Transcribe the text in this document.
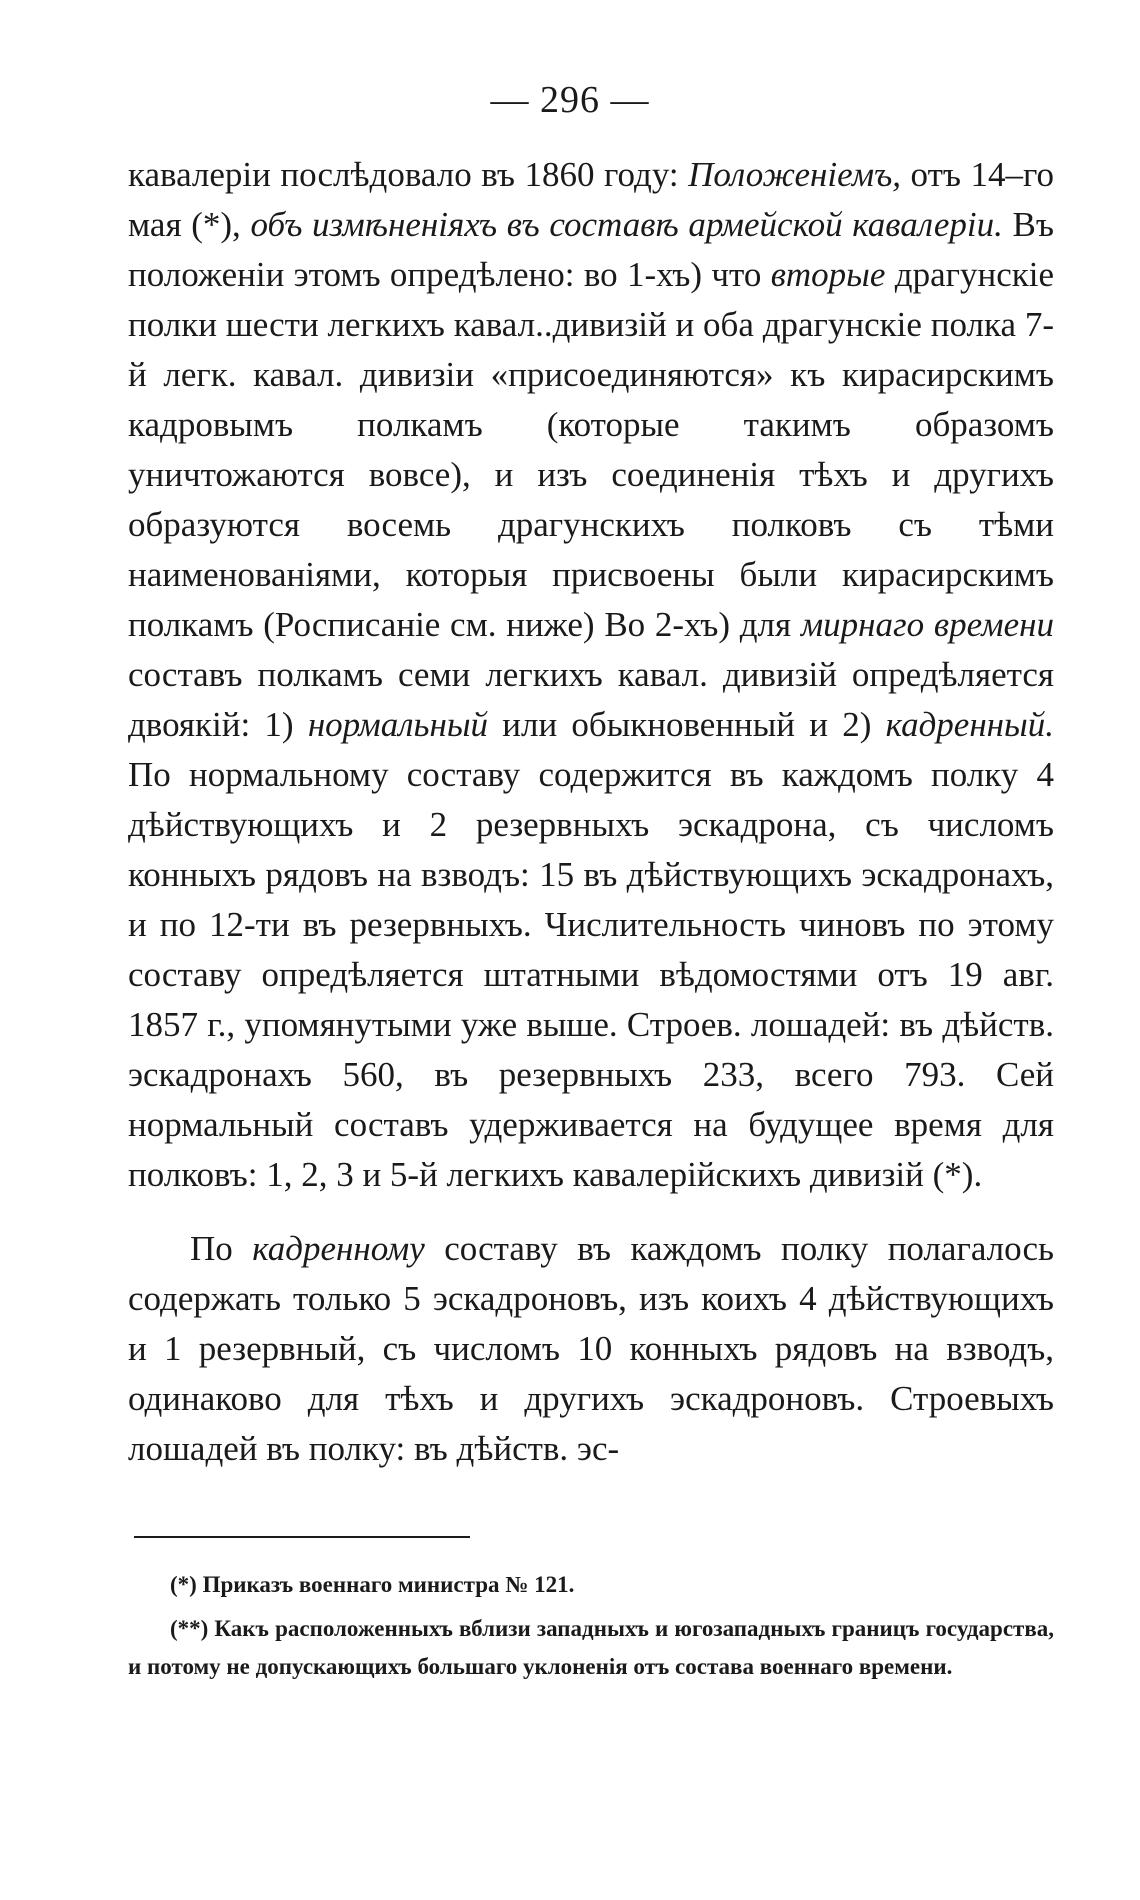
— 296 —

кавалеріи послѣдовало въ 1860 году: Положеніемъ, отъ 14–го мая (*), объ измѣненіяхъ въ составѣ армейской кавалеріи. Въ положеніи этомъ опредѣлено: во 1-хъ) что вторые драгунскіе полки шести легкихъ кавал..дивизій и оба драгунскіе полка 7-й легк. кавал. дивизіи «присоединяются» къ кирасирскимъ кадровымъ полкамъ (которые такимъ образомъ уничтожаются вовсе), и изъ соединенія тѣхъ и другихъ образуются восемь драгунскихъ полковъ съ тѣми наименованіями, которыя присвоены были кирасирскимъ полкамъ (Росписаніе см. ниже) Во 2-хъ) для мирнаго времени составъ полкамъ семи легкихъ кавал. дивизій опредѣляется двоякій: 1) нормальный или обыкновенный и 2) кадренный. По нормальному составу содержится въ каждомъ полку 4 дѣйствующихъ и 2 резервныхъ эскадрона, съ числомъ конныхъ рядовъ на взводъ: 15 въ дѣйствующихъ эскадронахъ, и по 12-ти въ резервныхъ. Числительность чиновъ по этому составу опредѣляется штатными вѣдомостями отъ 19 авг. 1857 г., упомянутыми уже выше. Строев. лошадей: въ дѣйств. эскадронахъ 560, въ резервныхъ 233, всего 793. Сей нормальный составъ удерживается на будущее время для полковъ: 1, 2, 3 и 5-й легкихъ кавалерійскихъ дивизій (*).

По кадренному составу въ каждомъ полку полагалось содержать только 5 эскадроновъ, изъ коихъ 4 дѣйствующихъ и 1 резервный, съ числомъ 10 конныхъ рядовъ на взводъ, одинаково для тѣхъ и другихъ эскадроновъ. Строевыхъ лошадей въ полку: въ дѣйств. эс-

(*) Приказъ военнаго министра № 121.

(**) Какъ расположенныхъ вблизи западныхъ и югозападныхъ границъ государства, и потому не допускающихъ большаго уклоненія отъ состава военнаго времени.
